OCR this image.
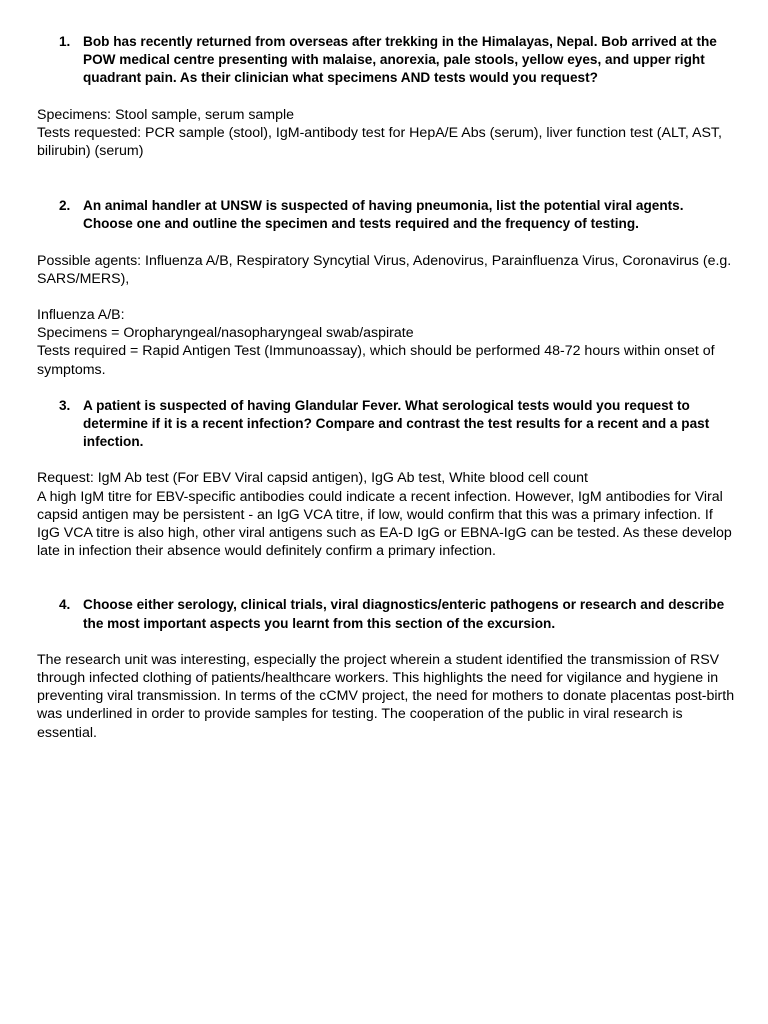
1. Bob has recently returned from overseas after trekking in the Himalayas, Nepal. Bob arrived at the POW medical centre presenting with malaise, anorexia, pale stools, yellow eyes, and upper right quadrant pain. As their clinician what specimens AND tests would you request?

Specimens: Stool sample, serum sample

Tests requested: PCR sample (stool), IgM-antibody test for HepA/E Abs (serum), liver function test (ALT, AST, bilirubin) (serum)

2. An animal handler at UNSW is suspected of having pneumonia, list the potential viral agents. Choose one and outline the specimen and tests required and the frequency of testing.

Possible agents: Influenza A/B, Respiratory Syncytial Virus, Adenovirus, Parainfluenza Virus, Coronavirus (e.g. SARS/MERS),

Influenza A/B:

Specimens = Oropharyngeal/nasopharyngeal swab/aspirate

Tests required = Rapid Antigen Test (Immunoassay), which should be performed 48-72 hours within onset of symptoms.

3. A patient is suspected of having Glandular Fever. What serological tests would you request to determine if it is a recent infection? Compare and contrast the test results for a recent and a past infection.

Request: IgM Ab test (For EBV Viral capsid antigen), IgG Ab test, White blood cell count

A high IgM titre for EBV-specific antibodies could indicate a recent infection. However, IgM antibodies for Viral capsid antigen may be persistent - an IgG VCA titre, if low, would confirm that this was a primary infection. If IgG VCA titre is also high, other viral antigens such as EA-D IgG or EBNA-IgG can be tested. As these develop late in infection their absence would definitely confirm a primary infection.

4. Choose either serology, clinical trials, viral diagnostics/enteric pathogens or research and describe the most important aspects you learnt from this section of the excursion.

The research unit was interesting, especially the project wherein a student identified the transmission of RSV through infected clothing of patients/healthcare workers. This highlights the need for vigilance and hygiene in preventing viral transmission. In terms of the cCMV project, the need for mothers to donate placentas post-birth was underlined in order to provide samples for testing. The cooperation of the public in viral research is essential.
